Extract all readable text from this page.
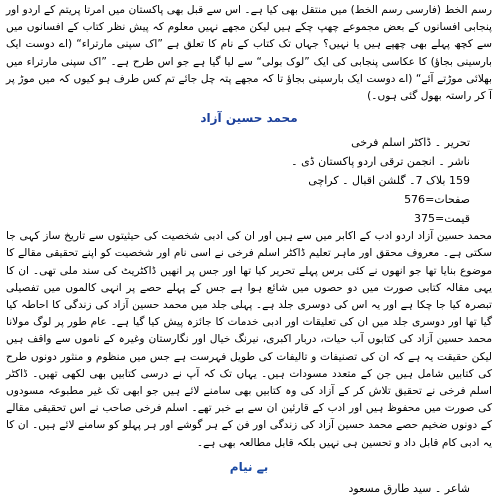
رسم الخط (فارسی رسم الخط) میں منتقل بھی کیا ہے۔ اس سے قبل بھی پاکستان میں امرتا پریتم کے اردو اور پنجابی افسانوں کے بعض مجموعے چھپ چکے ہیں لیکن مجھے نہیں معلوم کہ پیش نظر کتاب کے افسانوں میں سے کچھ پہلے بھی چھپے ہیں یا نہیں؟ جہاں تک کتاب کے نام کا تعلق ہے ”اک سپنی مارتراء“ (اے دوست ایک بارسینی بجاؤ) کا عکاسی پنجابی کی ایک ”لوک بولی“ سے لیا گیا ہے جو اس طرح ہے۔ ”اک سپنی مارتراء میں بھلائی موڑتے آئے“ (اے دوست ایک بارسینی بجاؤ تا کہ مجھے پتہ چل جائے تم کس طرف ہو کیوں کہ میں موڑ پر آ کر راستہ بھول گئی ہوں۔)

محمد حسین آزاد
تحریر ۔ ڈاکٹر اسلم فرخی
ناشر ۔ انجمن ترقی اردو پاکستان ڈی ۔
159 بلاک 7۔ گلشن اقبال ۔ کراچی
صفحات=576
قیمت=375

محمد حسین آزاد اردو ادب کے اکابر میں سے ہیں اور ان کی ادبی شخصیت کی حیثیتوں سے تاریخ ساز کہی جا سکتی ہے۔ معروف محقق اور ماہر تعلیم ڈاکٹر اسلم فرخی نے اسی نام اور شخصیت کو اپنے تحقیقی مقالے کا موضوع بنایا تھا جو انھوں نے کئی برس پہلے تحریر کیا تھا اور جس پر انھیں ڈاکٹریٹ کی سند ملی تھی۔ ان کا یہی مقالہ کتابی صورت میں دو حصوں میں شائع ہوا ہے جس کے پہلے حصے پر انہی کالموں میں تفصیلی تبصرہ کیا جا چکا ہے اور یہ اس کی دوسری جلد ہے۔ پہلی جلد میں محمد حسین آزاد کی زندگی کا احاطہ کیا گیا تھا اور دوسری جلد میں ان کی تعلیقات اور ادبی خدمات کا جائزہ پیش کیا گیا ہے۔ عام طور پر لوگ مولانا محمد حسین آزاد کی کتابوں آب حیات، دربار اکبری، نیرنگ خیال اور نگارستان وغیرہ کے ناموں سے واقف ہیں لیکن حقیقت یہ ہے کہ ان کی تصنیفات و تالیفات کی طویل فہرست ہے جس میں منظوم و منثور دونوں طرح کی کتابیں شامل ہیں جن کے متعدد مسودات ہیں۔ یہاں تک کہ آپ نے درسی کتابیں بھی لکھی تھیں۔ ڈاکٹر اسلم فرخی نے تحقیق تلاش کر کے آزاد کی وہ کتابیں بھی سامنے لائے ہیں جو ابھی تک غیر مطبوعہ مسودوں کی صورت میں محفوظ ہیں اور ادب کے قارئین ان سے بے خبر تھے۔ اسلم فرخی صاحب نے اس تحقیقی مقالے کے دونوں ضخیم حصے محمد حسین آزاد کی زندگی اور فن کے ہر گوشے اور ہر پہلو کو سامنے لائے ہیں۔ ان کا یہ ادبی کام قابل داد و تحسین ہی نہیں بلکہ قابل مطالعہ بھی ہے۔

بے نیام
شاعر ۔ سید طارق مسعود
